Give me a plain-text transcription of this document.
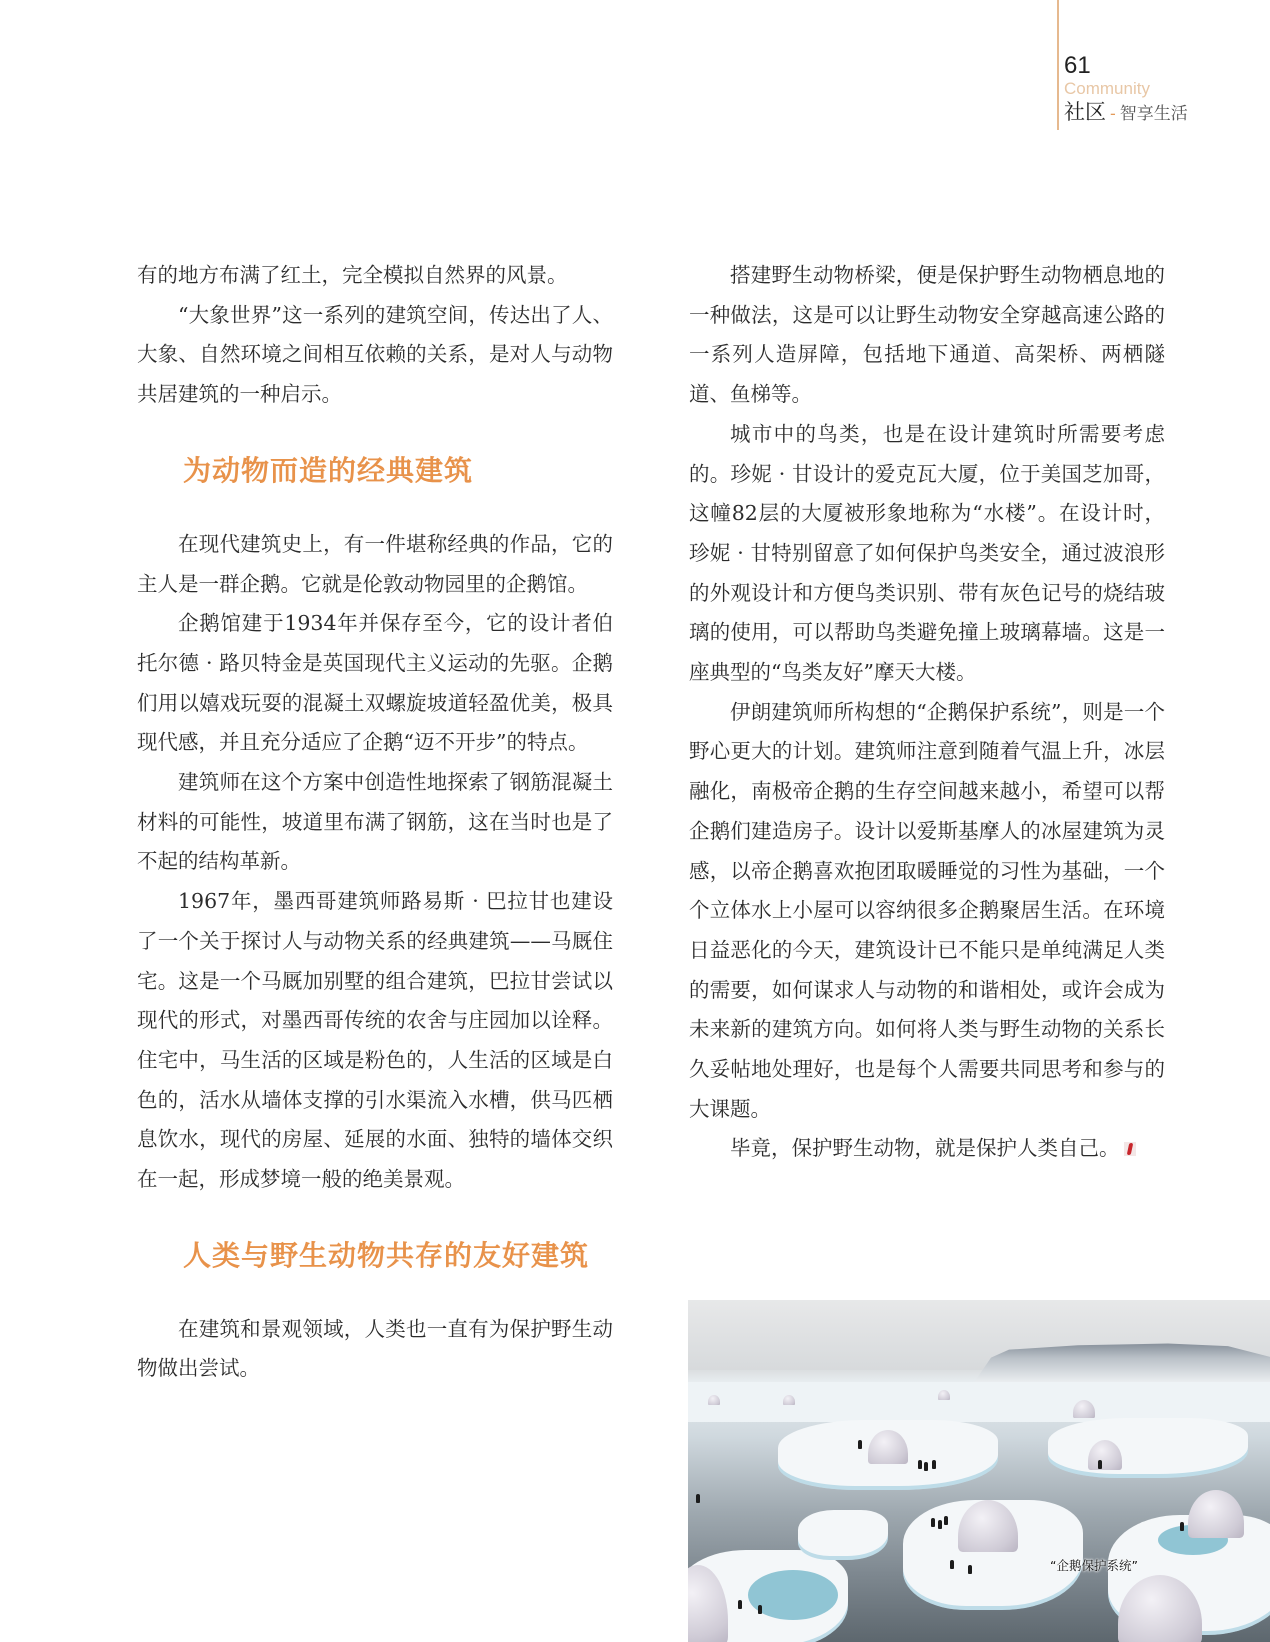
61
Community
社区 - 智享生活

有的地方布满了红土，完全模拟自然界的风景。

“大象世界”这一系列的建筑空间，传达出了人、大象、自然环境之间相互依赖的关系，是对人与动物共居建筑的一种启示。

为动物而造的经典建筑

在现代建筑史上，有一件堪称经典的作品，它的主人是一群企鹅。它就是伦敦动物园里的企鹅馆。

企鹅馆建于1934年并保存至今，它的设计者伯托尔德 · 路贝特金是英国现代主义运动的先驱。企鹅们用以嬉戏玩耍的混凝土双螺旋坡道轻盈优美，极具现代感，并且充分适应了企鹅“迈不开步”的特点。

建筑师在这个方案中创造性地探索了钢筋混凝土材料的可能性，坡道里布满了钢筋，这在当时也是了不起的结构革新。

1967年，墨西哥建筑师路易斯 · 巴拉甘也建设了一个关于探讨人与动物关系的经典建筑——马厩住宅。这是一个马厩加别墅的组合建筑，巴拉甘尝试以现代的形式，对墨西哥传统的农舍与庄园加以诠释。住宅中，马生活的区域是粉色的，人生活的区域是白色的，活水从墙体支撑的引水渠流入水槽，供马匹栖息饮水，现代的房屋、延展的水面、独特的墙体交织在一起，形成梦境一般的绝美景观。

人类与野生动物共存的友好建筑

在建筑和景观领域，人类也一直有为保护野生动物做出尝试。

搭建野生动物桥梁，便是保护野生动物栖息地的一种做法，这是可以让野生动物安全穿越高速公路的一系列人造屏障，包括地下通道、高架桥、两栖隧道、鱼梯等。

城市中的鸟类，也是在设计建筑时所需要考虑的。珍妮 · 甘设计的爱克瓦大厦，位于美国芝加哥，这幢82层的大厦被形象地称为“水楼”。在设计时，珍妮 · 甘特别留意了如何保护鸟类安全，通过波浪形的外观设计和方便鸟类识别、带有灰色记号的烧结玻璃的使用，可以帮助鸟类避免撞上玻璃幕墙。这是一座典型的“鸟类友好”摩天大楼。

伊朗建筑师所构想的“企鹅保护系统”，则是一个野心更大的计划。建筑师注意到随着气温上升，冰层融化，南极帝企鹅的生存空间越来越小，希望可以帮企鹅们建造房子。设计以爱斯基摩人的冰屋建筑为灵感，以帝企鹅喜欢抱团取暖睡觉的习性为基础，一个个立体水上小屋可以容纳很多企鹅聚居生活。在环境日益恶化的今天，建筑设计已不能只是单纯满足人类的需要，如何谋求人与动物的和谐相处，或许会成为未来新的建筑方向。如何将人类与野生动物的关系长久妥帖地处理好，也是每个人需要共同思考和参与的大课题。

毕竟，保护野生动物，就是保护人类自己。

“企鹅保护系统”
